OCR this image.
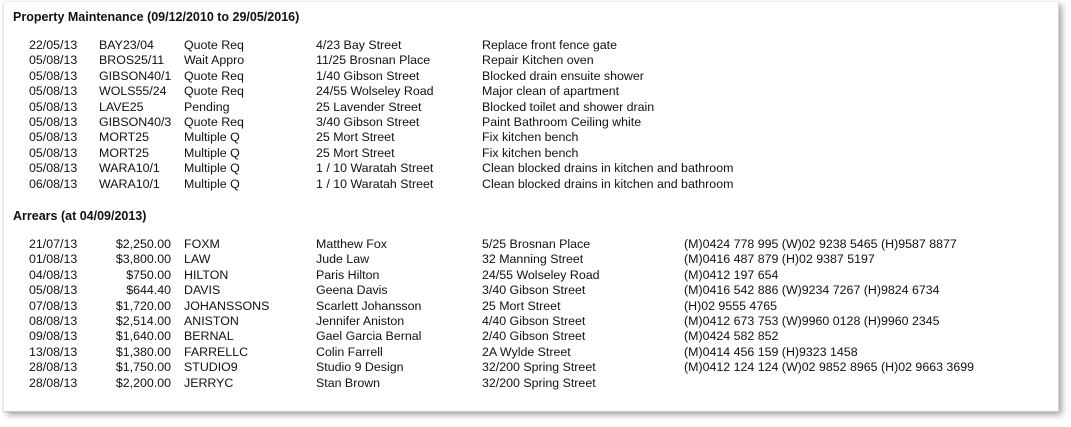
Property Maintenance (09/12/2010 to 29/05/2016)
22/05/13 BAY23/04 Quote Req	4/23 Bay Street	Replace front fence gate
05/08/13 BROS25/11 Wait Appro	11/25 Brosnan Place	Repair Kitchen oven
05/08/13 GIBSON40/1 Quote Req	1/40 Gibson Street	Blocked drain ensuite shower
05/08/13 WOLS55/24 Quote Req	24/55 Wolseley Road	Major clean of apartment
05/08/13 LAVE25	Pending	25 Lavender Street	Blocked toilet and shower drain
05/08/13 GIBSON40/3 Quote Req	3/40 Gibson Street	Paint Bathroom Ceiling white
05/08/13 MORT25	Multiple Q	25 Mort Street	Fix kitchen bench
05/08/13 MORT25	Multiple Q	25 Mort Street	Fix kitchen bench
05/08/13 WARA10/1 Multiple Q	1 / 10 Waratah Street	Clean blocked drains in kitchen and bathroom
06/08/13 WARA10/1 Multiple Q	1 / 10 Waratah Street	Clean blocked drains in kitchen and bathroom
Arrears (at 04/09/2013)
21/07/13	$2,250.00 FOXM	Matthew Fox	5/25 Brosnan Place	(M)0424 778 995 (W)02 9238 5465 (H)9587 8877
01/08/13	$3,800.00 LAW	Jude Law	32 Manning Street	(M)0416 487 879 (H)02 9387 5197
04/08/13	$750.00 HILTON	Paris Hilton	24/55 Wolseley Road	(M)0412 197 654
05/08/13	$644.40 DAVIS	Geena Davis	3/40 Gibson Street	(M)0416 542 886 (W)9234 7267 (H)9824 6734
07/08/13	$1,720.00 JOHANSSONS	Scarlett Johansson	25 Mort Street	(H)02 9555 4765
08/08/13	$2,514.00 ANISTON	Jennifer Aniston	4/40 Gibson Street	(M)0412 673 753 (W)9960 0128 (H)9960 2345
09/08/13	$1,640.00 BERNAL	Gael Garcia Bernal	2/40 Gibson Street	(M)0424 582 852
13/08/13	$1,380.00 FARRELLC	Colin Farrell	2A Wylde Street	(M)0414 456 159 (H)9323 1458
28/08/13	$1,750.00 STUDIO9	Studio 9 Design	32/200 Spring Street	(M)0412 124 124 (W)02 9852 8965 (H)02 9663 3699
28/08/13	$2,200.00 JERRYC	Stan Brown	32/200 Spring Street
